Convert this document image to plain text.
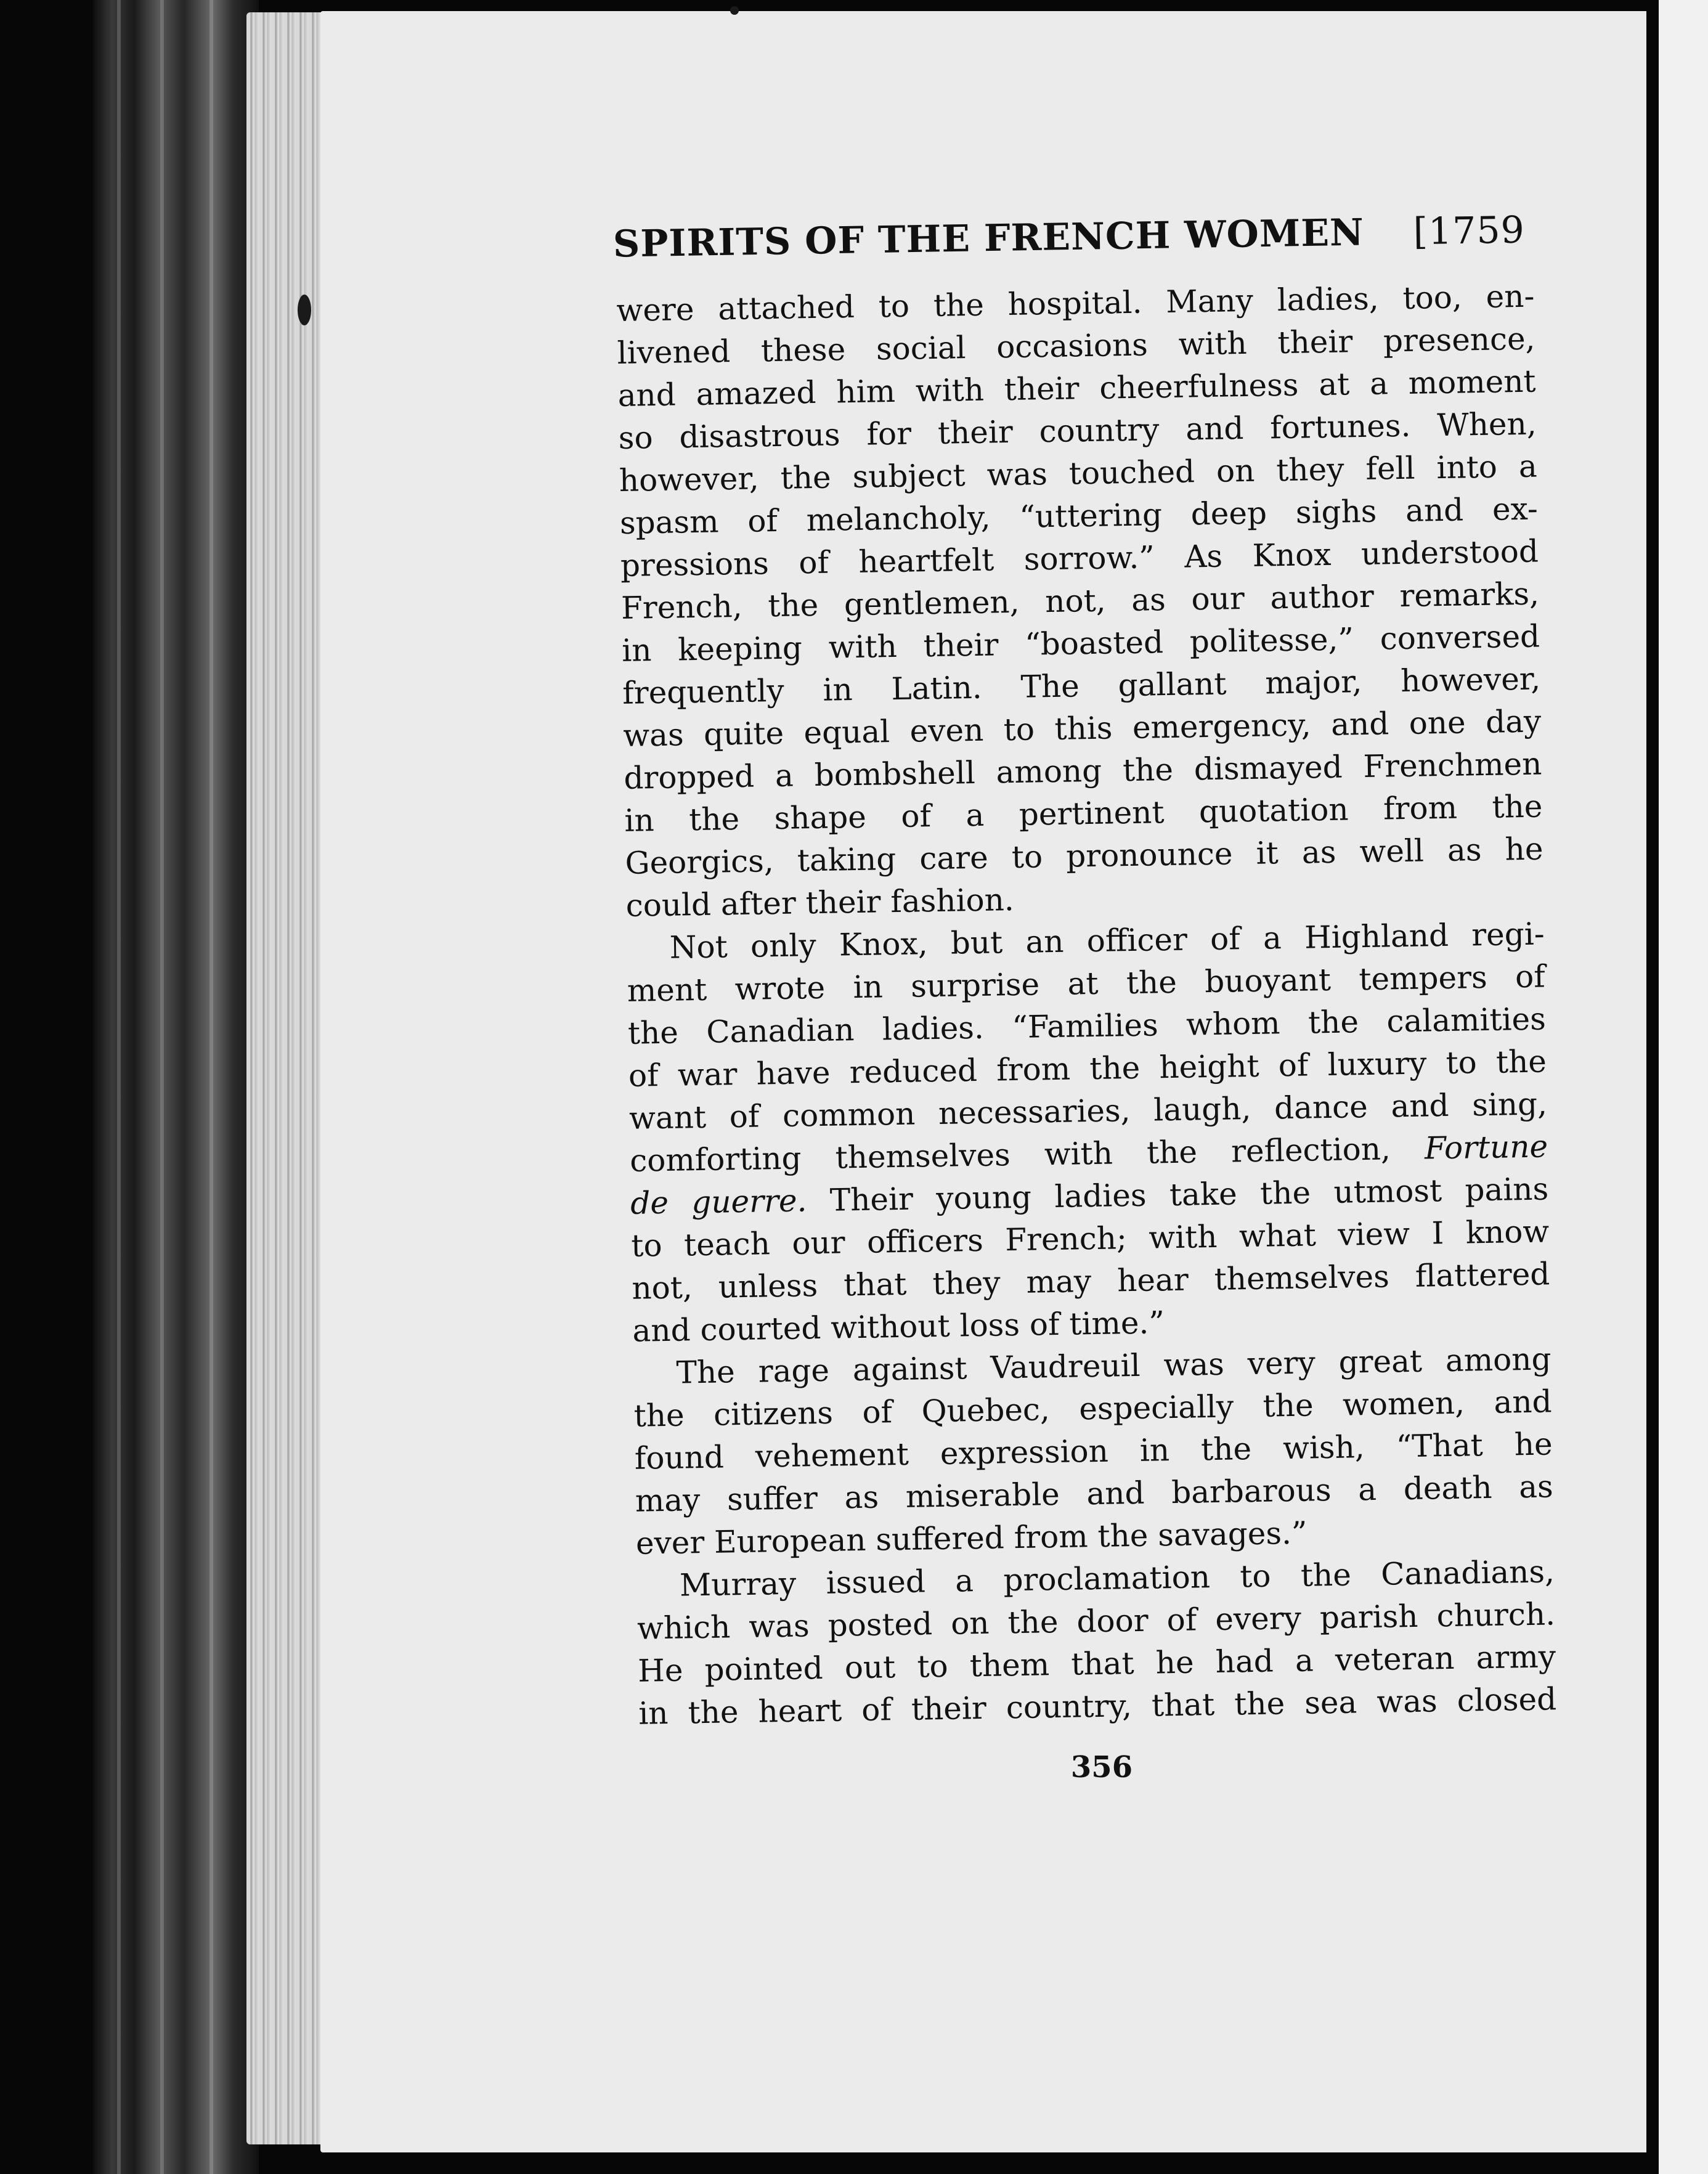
SPIRITS OF THE FRENCH WOMEN [1759
were attached to the hospital. Many ladies, too, en-
livened these social occasions with their presence,
and amazed him with their cheerfulness at a moment
so disastrous for their country and fortunes. When,
however, the subject was touched on they fell into a
spasm of melancholy, “uttering deep sighs and ex-
pressions of heartfelt sorrow.” As Knox understood
French, the gentlemen, not, as our author remarks,
in keeping with their “boasted politesse,” conversed
frequently in Latin. The gallant major, however,
was quite equal even to this emergency, and one day
dropped a bombshell among the dismayed Frenchmen
in the shape of a pertinent quotation from the
Georgics, taking care to pronounce it as well as he
could after their fashion.
Not only Knox, but an officer of a Highland regi-
ment wrote in surprise at the buoyant tempers of
the Canadian ladies. “Families whom the calamities
of war have reduced from the height of luxury to the
want of common necessaries, laugh, dance and sing,
comforting themselves with the reflection, Fortune
de guerre. Their young ladies take the utmost pains
to teach our officers French; with what view I know
not, unless that they may hear themselves flattered
and courted without loss of time.”
The rage against Vaudreuil was very great among
the citizens of Quebec, especially the women, and
found vehement expression in the wish, “That he
may suffer as miserable and barbarous a death as
ever European suffered from the savages.”
Murray issued a proclamation to the Canadians,
which was posted on the door of every parish church.
He pointed out to them that he had a veteran army
in the heart of their country, that the sea was closed
356
